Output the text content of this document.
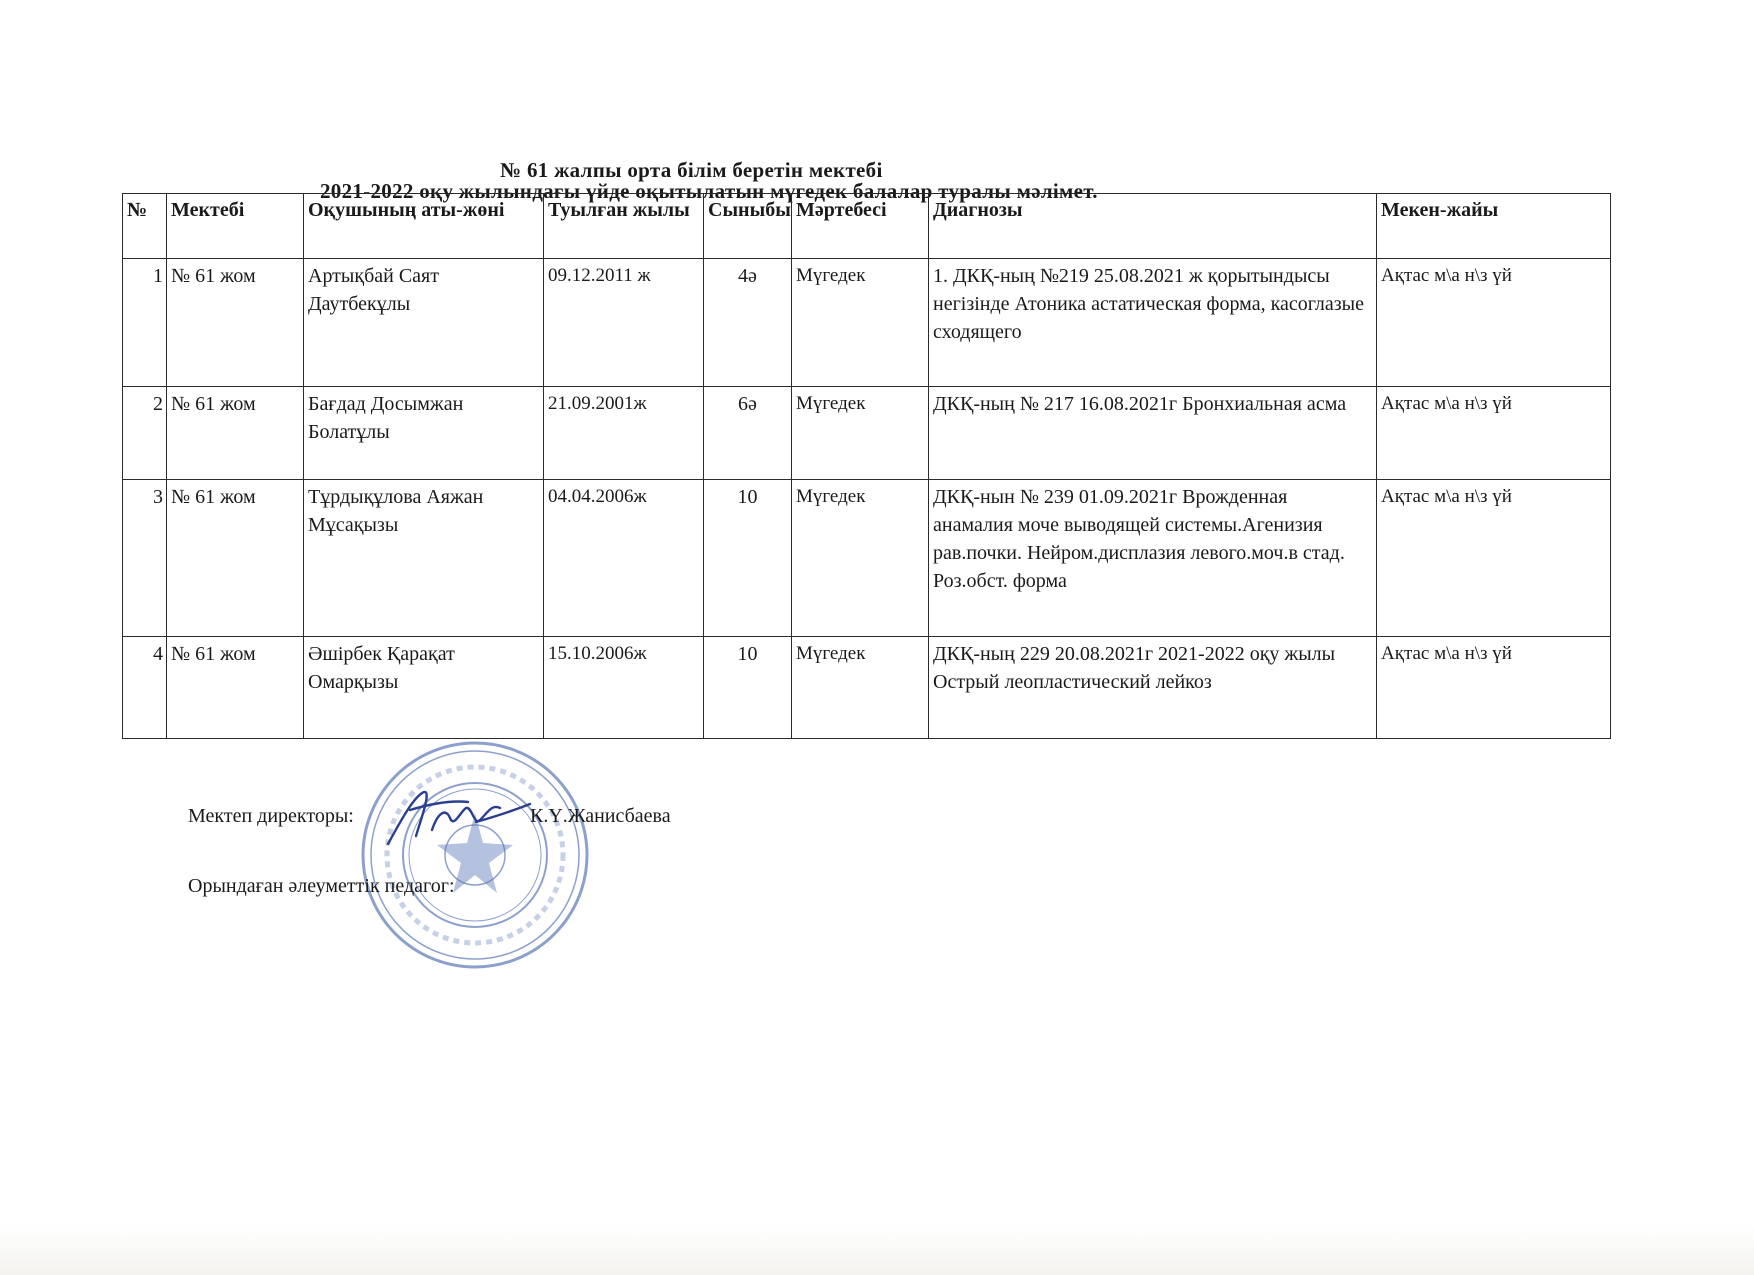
№ 61 жалпы орта білім беретін мектебі
2021-2022 оқу жылындағы үйде оқытылатын мүгедек балалар туралы мәлімет.
№	Мектебі	Оқушының аты-жөні	Туылған жылы	Сыныбы	Мәртебесі	Диагнозы	Мекен-жайы
1	№ 61 жом	Артықбай Саят Даутбекұлы	09.12.2011 ж	4ә	Мүгедек	1. ДКҚ-ның №219 25.08.2021 ж қорытындысы негізінде Атоника астатическая форма, касоглазые сходящего	Ақтас м\а н\з үй
2	№ 61 жом	Бағдад Досымжан Болатұлы	21.09.2001ж	6ә	Мүгедек	ДКҚ-ның № 217 16.08.2021г Бронхиальная асма	Ақтас м\а н\з үй
3	№ 61 жом	Тұрдықұлова Аяжан Мұсақызы	04.04.2006ж	10	Мүгедек	ДКҚ-нын № 239 01.09.2021г Врожденная анамалия моче выводящей системы.Агенизия рав.почки. Нейром.дисплазия левого.моч.в стад. Роз.обст. форма	Ақтас м\а н\з үй
4	№ 61 жом	Әшірбек Қарақат Омарқызы	15.10.2006ж	10	Мүгедек	ДКҚ-ның 229 20.08.2021г 2021-2022 оқу жылы Острый леопластический лейкоз	Ақтас м\а н\з үй
Мектеп директоры:	К.Ү.Жанисбаева
Орындаған әлеуметтік педагог:
